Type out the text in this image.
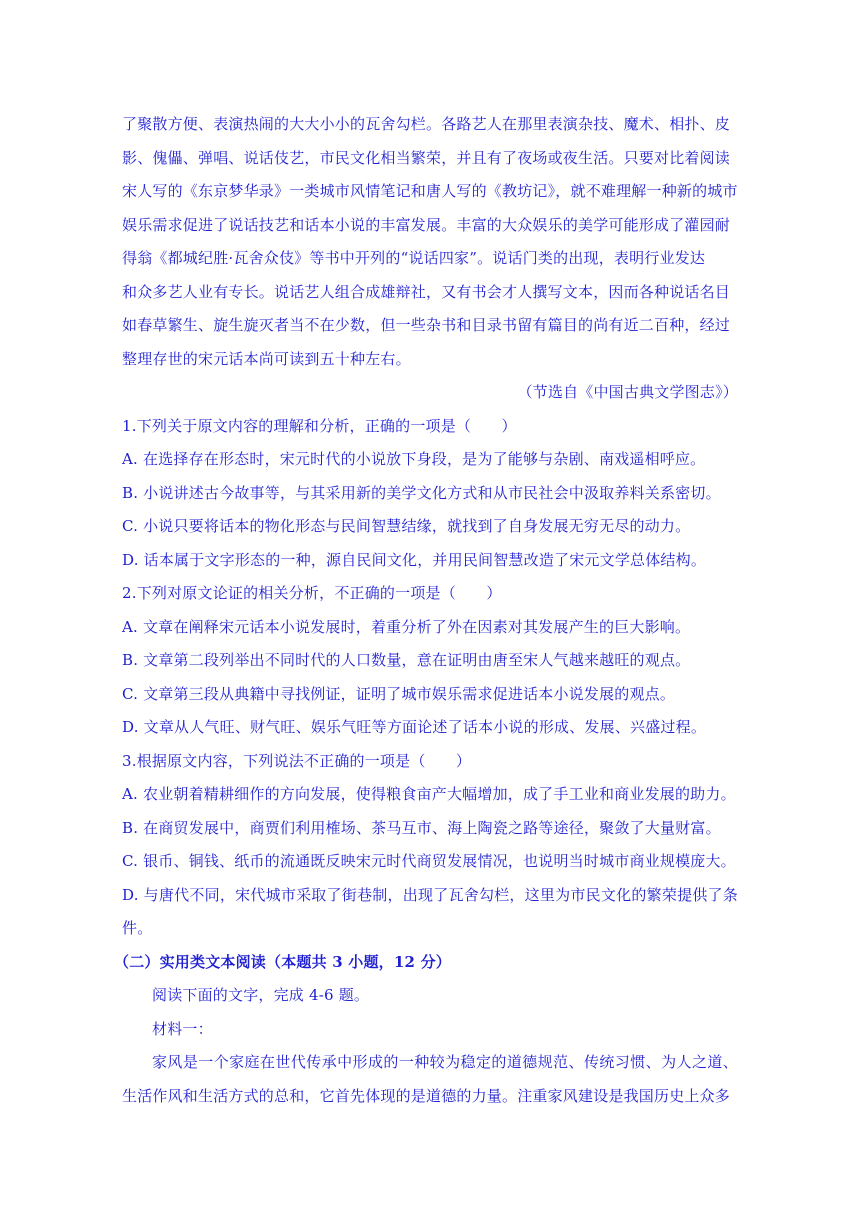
了聚散方便、表演热闹的大大小小的瓦舍勾栏。各路艺人在那里表演杂技、魔术、相扑、皮

影、傀儡、弹唱、说话伎艺，市民文化相当繁荣，并且有了夜场或夜生活。只要对比着阅读

宋人写的《东京梦华录》一类城市风情笔记和唐人写的《教坊记》，就不难理解一种新的城市

娱乐需求促进了说话技艺和话本小说的丰富发展。丰富的大众娱乐的美学可能形成了灌园耐

得翁《都城纪胜·瓦舍众伎》等书中开列的“说话四家”。说话门类的出现，表明行业发达

和众多艺人业有专长。说话艺人组合成雄辩社，又有书会才人撰写文本，因而各种说话名目

如春草繁生、旋生旋灭者当不在少数，但一些杂书和目录书留有篇目的尚有近二百种，经过

整理存世的宋元话本尚可读到五十种左右。

（节选自《中国古典文学图志》）

1.下列关于原文内容的理解和分析，正确的一项是（　　）

A. 在选择存在形态时，宋元时代的小说放下身段，是为了能够与杂剧、南戏遥相呼应。

B. 小说讲述古今故事等，与其采用新的美学文化方式和从市民社会中汲取养料关系密切。

C. 小说只要将话本的物化形态与民间智慧结缘，就找到了自身发展无穷无尽的动力。

D. 话本属于文字形态的一种，源自民间文化，并用民间智慧改造了宋元文学总体结构。

2.下列对原文论证的相关分析，不正确的一项是（　　）

A. 文章在阐释宋元话本小说发展时，着重分析了外在因素对其发展产生的巨大影响。

B. 文章第二段列举出不同时代的人口数量，意在证明由唐至宋人气越来越旺的观点。

C. 文章第三段从典籍中寻找例证，证明了城市娱乐需求促进话本小说发展的观点。

D. 文章从人气旺、财气旺、娱乐气旺等方面论述了话本小说的形成、发展、兴盛过程。

3.根据原文内容，下列说法不正确的一项是（　　）

A. 农业朝着精耕细作的方向发展，使得粮食亩产大幅增加，成了手工业和商业发展的助力。

B. 在商贸发展中，商贾们利用榷场、茶马互市、海上陶瓷之路等途径，聚敛了大量财富。

C. 银币、铜钱、纸币的流通既反映宋元时代商贸发展情况，也说明当时城市商业规模庞大。

D. 与唐代不同，宋代城市采取了街巷制，出现了瓦舍勾栏，这里为市民文化的繁荣提供了条件。

（二）实用类文本阅读（本题共 3 小题，12 分）

阅读下面的文字，完成 4-6 题。

材料一：

家风是一个家庭在世代传承中形成的一种较为稳定的道德规范、传统习惯、为人之道、生活作风和生活方式的总和，它首先体现的是道德的力量。注重家风建设是我国历史上众多
